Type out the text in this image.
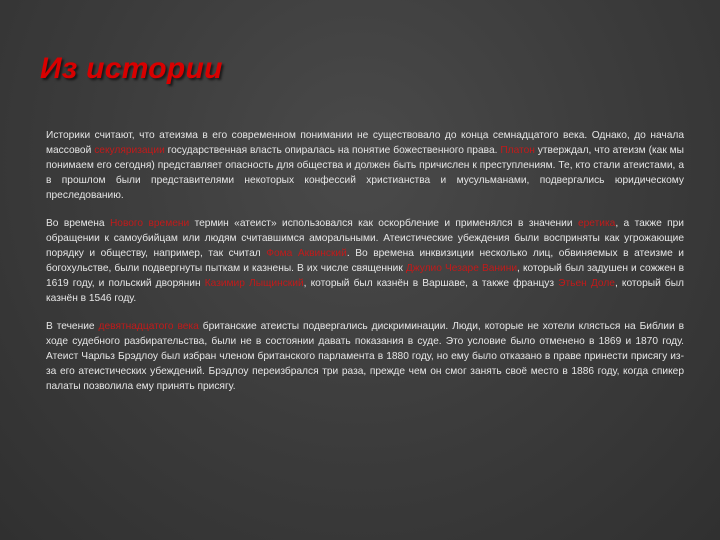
Из истории

Историки считают, что атеизма в его современном понимании не существовало до конца семнадцатого века. Однако, до начала массовой секуляризации государственная власть опиралась на понятие божественного права. Платон утверждал, что атеизм (как мы понимаем его сегодня) представляет опасность для общества и должен быть причислен к преступлениям. Те, кто стали атеистами, а в прошлом были представителями некоторых конфессий христианства и мусульманами, подвергались юридическому преследованию.

Во времена Нового времени термин «атеист» использовался как оскорбление и применялся в значении еретика, а также при обращении к самоубийцам или людям считавшимся аморальными. Атеистические убеждения были восприняты как угрожающие порядку и обществу, например, так считал Фома Аквинский. Во времена инквизиции несколько лиц, обвиняемых в атеизме и богохульстве, были подвергнуты пыткам и казнены. В их числе священник Джулио Чезаре Ванини, который был задушен и сожжен в 1619 году, и польский дворянин Казимир Лыщинский, который был казнён в Варшаве, а также француз Этьен Доле, который был казнён в 1546 году.

В течение девятнадцатого века британские атеисты подвергались дискриминации. Люди, которые не хотели клясться на Библии в ходе судебного разбирательства, были не в состоянии давать показания в суде. Это условие было отменено в 1869 и 1870 году. Атеист Чарльз Брэдлоу был избран членом британского парламента в 1880 году, но ему было отказано в праве принести присягу из-за его атеистических убеждений. Брэдлоу переизбрался три раза, прежде чем он смог занять своё место в 1886 году, когда спикер палаты позволила ему принять присягу.
